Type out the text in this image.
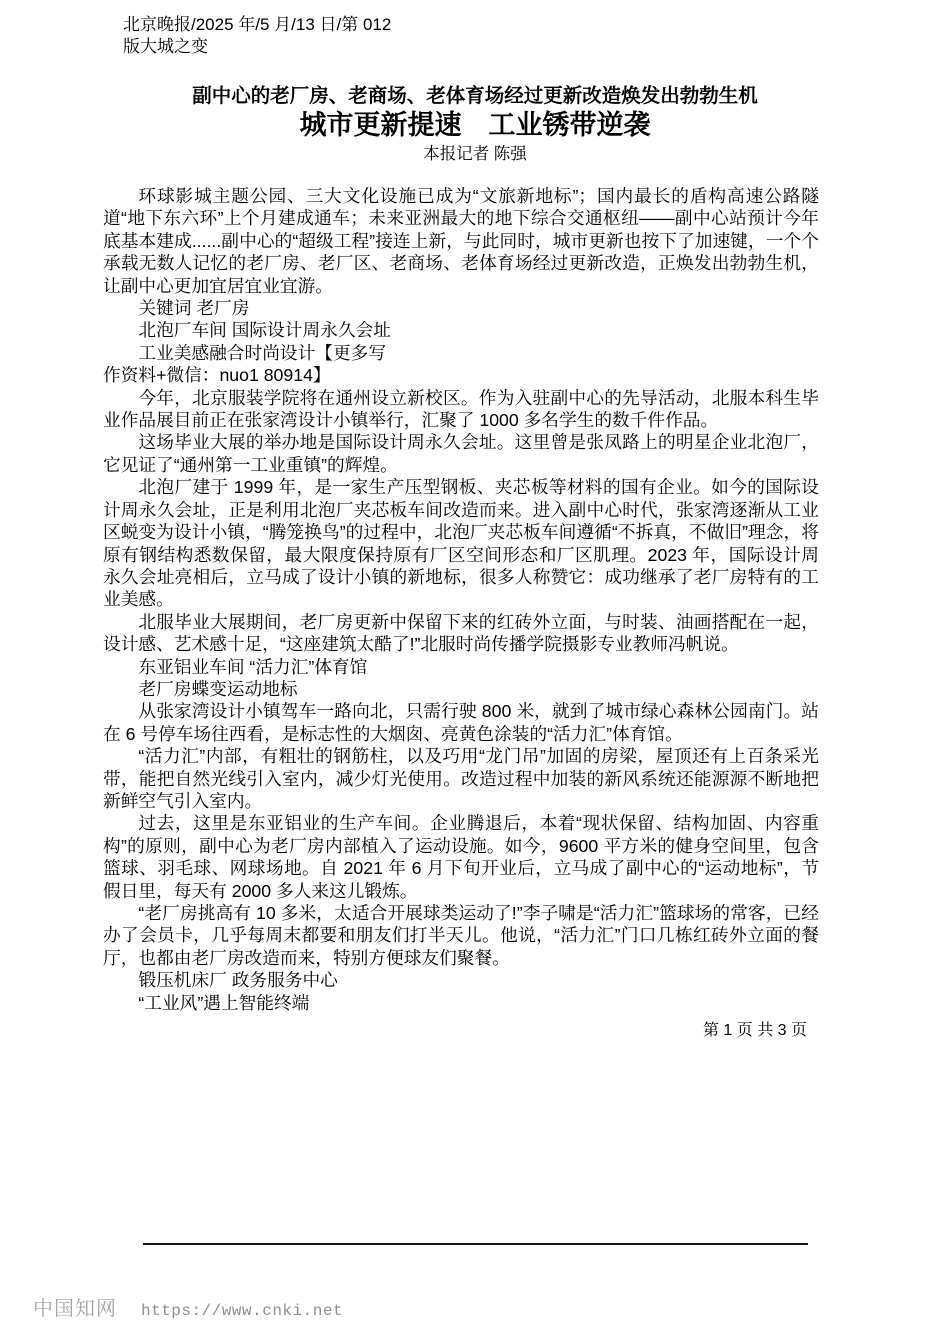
北京晚报/2025 年/5 月/13 日/第 012
版大城之变
副中心的老厂房、老商场、老体育场经过更新改造焕发出勃勃生机
城市更新提速　工业锈带逆袭
本报记者 陈强

环球影城主题公园、三大文化设施已成为“文旅新地标”；国内最长的盾构高速公路隧道“地下东六环”上个月建成通车；未来亚洲最大的地下综合交通枢纽——副中心站预计今年底基本建成......副中心的“超级工程”接连上新，与此同时，城市更新也按下了加速键，一个个承载无数人记忆的老厂房、老厂区、老商场、老体育场经过更新改造，正焕发出勃勃生机，让副中心更加宜居宜业宜游。

关键词 老厂房

北泡厂车间 国际设计周永久会址

工业美感融合时尚设计【更多写

作资料+微信：nuo1 80914】

今年，北京服装学院将在通州设立新校区。作为入驻副中心的先导活动，北服本科生毕业作品展目前正在张家湾设计小镇举行，汇聚了 1000 多名学生的数千件作品。

这场毕业大展的举办地是国际设计周永久会址。这里曾是张凤路上的明星企业北泡厂，它见证了“通州第一工业重镇”的辉煌。

北泡厂建于 1999 年，是一家生产压型钢板、夹芯板等材料的国有企业。如今的国际设计周永久会址，正是利用北泡厂夹芯板车间改造而来。进入副中心时代，张家湾逐渐从工业区蜕变为设计小镇，“腾笼换鸟”的过程中，北泡厂夹芯板车间遵循“不拆真，不做旧”理念，将原有钢结构悉数保留，最大限度保持原有厂区空间形态和厂区肌理。2023 年，国际设计周永久会址亮相后，立马成了设计小镇的新地标，很多人称赞它：成功继承了老厂房特有的工业美感。

北服毕业大展期间，老厂房更新中保留下来的红砖外立面，与时装、油画搭配在一起，设计感、艺术感十足，“这座建筑太酷了!”北服时尚传播学院摄影专业教师冯帆说。

东亚铝业车间 “活力汇”体育馆

老厂房蝶变运动地标

从张家湾设计小镇驾车一路向北，只需行驶 800 米，就到了城市绿心森林公园南门。站在 6 号停车场往西看，是标志性的大烟囱、亮黄色涂装的“活力汇”体育馆。

“活力汇”内部，有粗壮的钢筋柱，以及巧用“龙门吊”加固的房梁，屋顶还有上百条采光带，能把自然光线引入室内，减少灯光使用。改造过程中加装的新风系统还能源源不断地把新鲜空气引入室内。

过去，这里是东亚铝业的生产车间。企业腾退后，本着“现状保留、结构加固、内容重构”的原则，副中心为老厂房内部植入了运动设施。如今，9600 平方米的健身空间里，包含篮球、羽毛球、网球场地。自 2021 年 6 月下旬开业后，立马成了副中心的“运动地标”，节假日里，每天有 2000 多人来这儿锻炼。

“老厂房挑高有 10 多米，太适合开展球类运动了!”李子啸是“活力汇”篮球场的常客，已经办了会员卡，几乎每周末都要和朋友们打半天儿。他说，“活力汇”门口几栋红砖外立面的餐厅，也都由老厂房改造而来，特别方便球友们聚餐。

锻压机床厂 政务服务中心

“工业风”遇上智能终端

第 1 页 共 3 页
中国知网 https://www.cnki.net
